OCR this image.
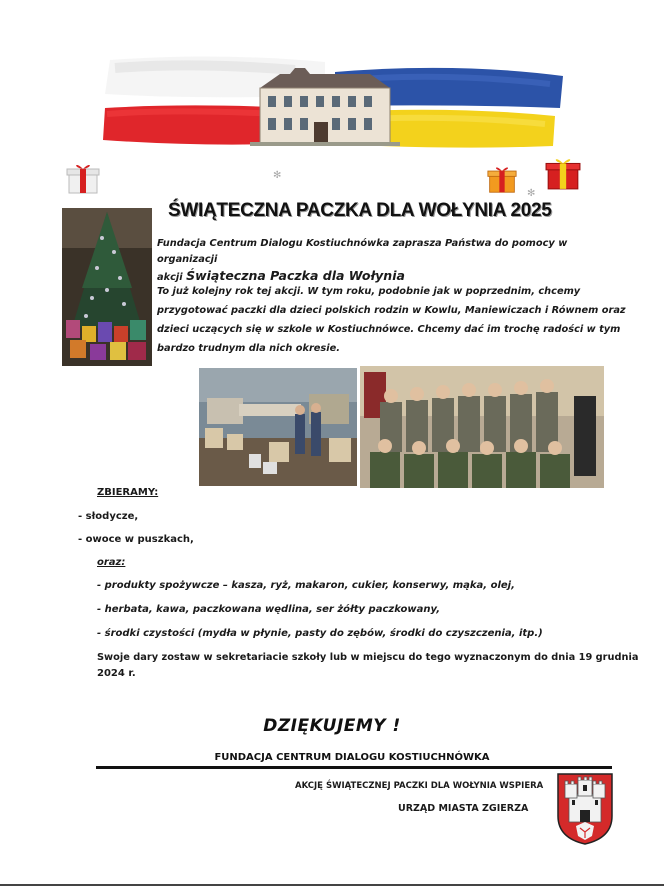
✻
✻
ŚWIĄTECZNA PACZKA DLA WOŁYNIA 2025
Fundacja Centrum Dialogu Kostiuchnówka zaprasza Państwa do pomocy w organizacji
akcji Świąteczna Paczka dla Wołynia
To już kolejny rok tej akcji. W tym roku, podobnie jak w poprzednim, chcemy
przygotować paczki dla dzieci polskich rodzin w Kowlu, Maniewiczach i Równem oraz
dzieci uczących się w szkole w Kostiuchnówce. Chcemy dać im trochę radości w tym
bardzo trudnym dla nich okresie.
ZBIERAMY:
- słodycze,
- owoce w puszkach,
oraz:
- produkty spożywcze – kasza, ryż, makaron, cukier, konserwy, mąka, olej,
- herbata, kawa, paczkowana wędlina, ser żółty paczkowany,
- środki czystości (mydła w płynie, pasty do zębów, środki do czyszczenia, itp.)
Swoje dary zostaw w sekretariacie szkoły lub w miejscu do tego wyznaczonym do dnia 19 grudnia
2024 r.
DZIĘKUJEMY !
FUNDACJA CENTRUM DIALOGU KOSTIUCHNÓWKA
AKCJĘ ŚWIĄTECZNEJ PACZKI DLA WOŁYNIA WSPIERA
URZĄD MIASTA ZGIERZA
